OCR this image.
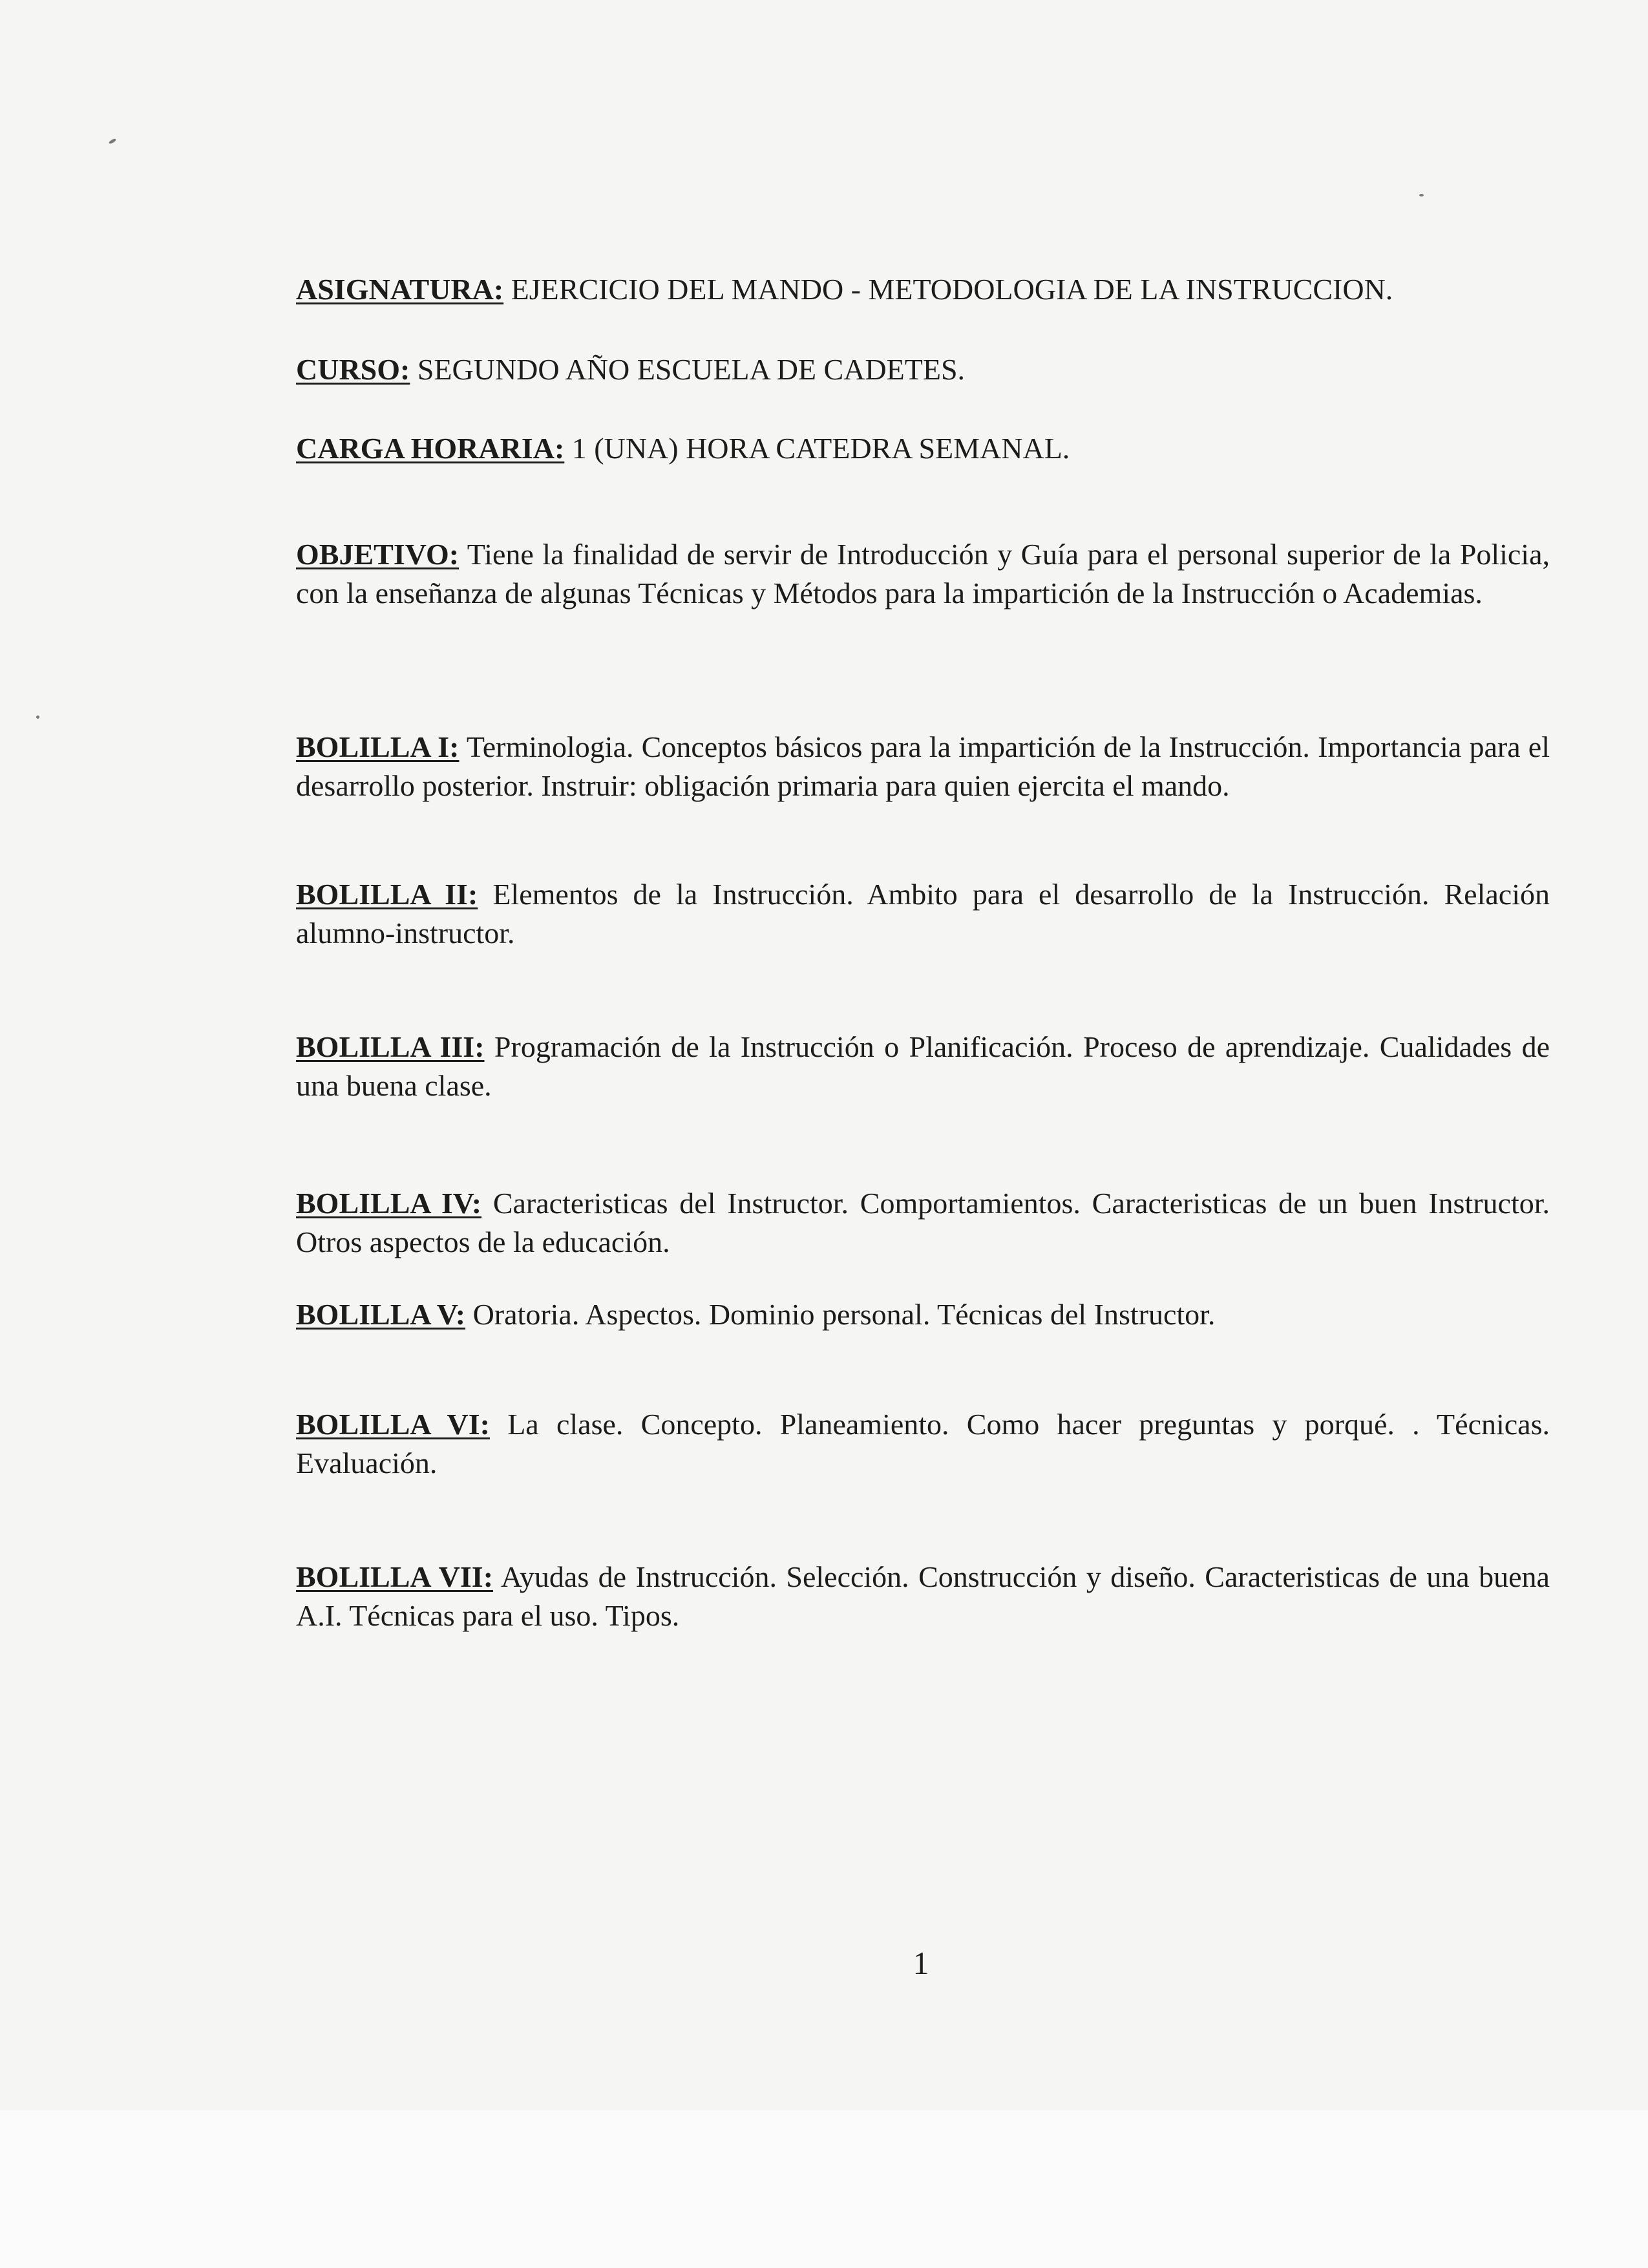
ASIGNATURA: EJERCICIO DEL MANDO - METODOLOGIA DE LA INSTRUCCION.

CURSO: SEGUNDO AÑO ESCUELA DE CADETES.

CARGA HORARIA: 1 (UNA) HORA CATEDRA SEMANAL.

OBJETIVO: Tiene la finalidad de servir de Introducción y Guía para el personal superior de la Policia, con la enseñanza de algunas Técnicas y Métodos para la impartición de la Instrucción o Academias.

BOLILLA I: Terminologia. Conceptos básicos para la impartición de la Instrucción. Importancia para el desarrollo posterior. Instruir: obligación primaria para quien ejercita el mando.

BOLILLA II: Elementos de la Instrucción. Ambito para el desarrollo de la Instrucción. Relación alumno-instructor.

BOLILLA III: Programación de la Instrucción o Planificación. Proceso de aprendizaje. Cualidades de una buena clase.

BOLILLA IV: Caracteristicas del Instructor. Comportamientos. Caracteristicas de un buen Instructor. Otros aspectos de la educación.

BOLILLA V: Oratoria. Aspectos. Dominio personal. Técnicas del Instructor.

BOLILLA VI: La clase. Concepto. Planeamiento. Como hacer preguntas y porqué. . Técnicas. Evaluación.

BOLILLA VII: Ayudas de Instrucción. Selección. Construcción y diseño. Caracteristicas de una buena A.I. Técnicas para el uso. Tipos.

1
